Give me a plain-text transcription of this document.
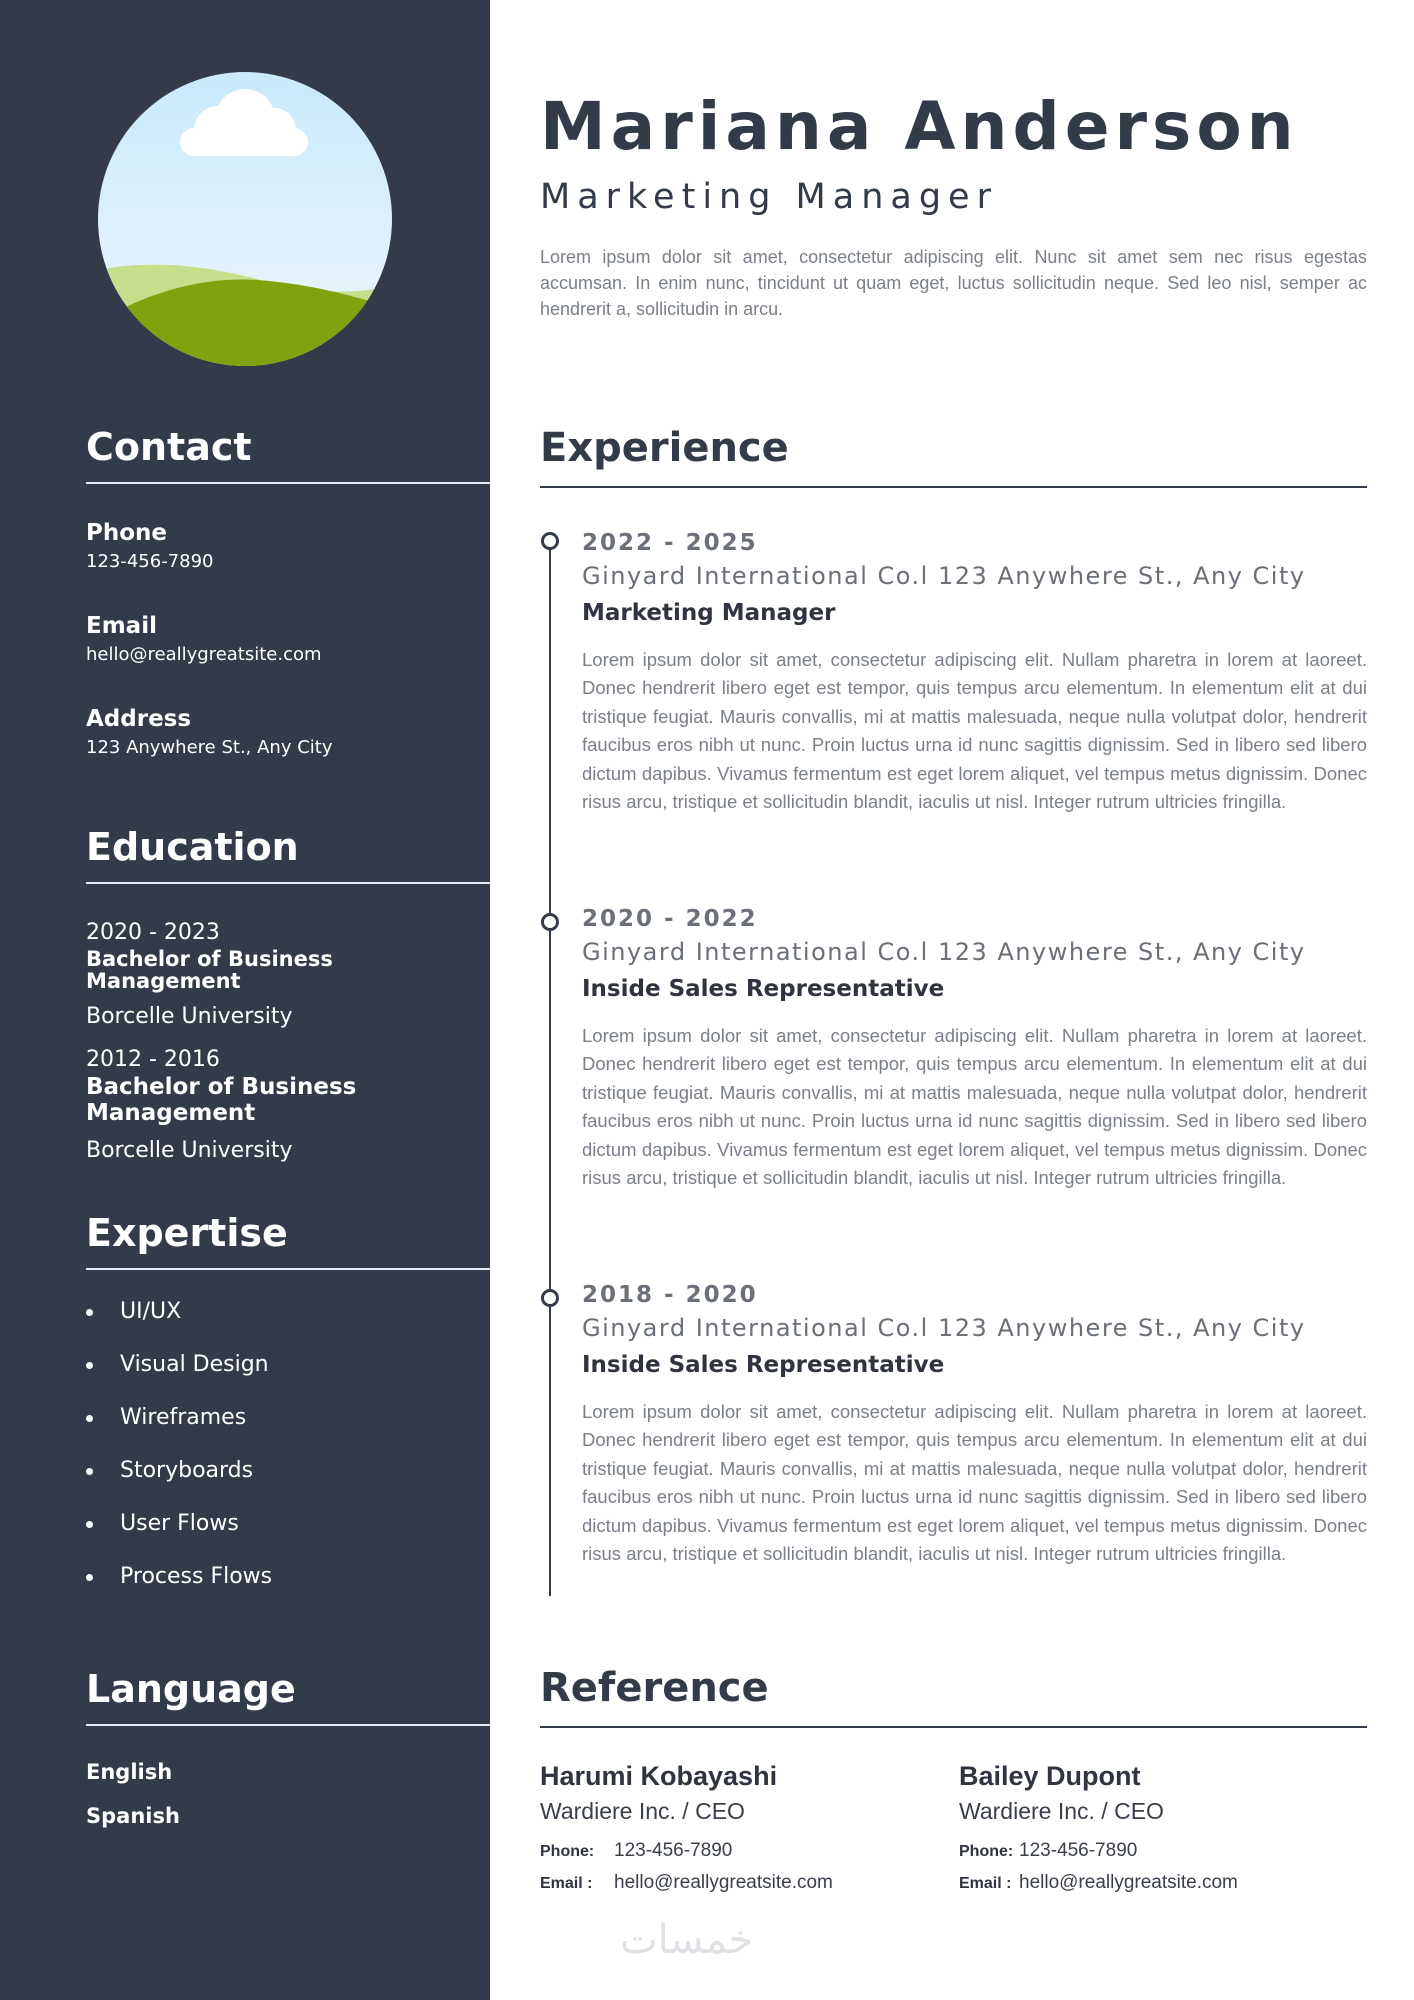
Contact
Phone
123-456-7890
Email
hello@reallygreatsite.com
Address
123 Anywhere St., Any City
Education
2020 - 2023
Bachelor of Business Management
Borcelle University
2012 - 2016
Bachelor of Business Management
Borcelle University
Expertise
UI/UX
Visual Design
Wireframes
Storyboards
User Flows
Process Flows
Language
English
Spanish
Mariana Anderson
Marketing Manager

Lorem ipsum dolor sit amet, consectetur adipiscing elit. Nunc sit amet sem nec risus egestas accumsan. In enim nunc, tincidunt ut quam eget, luctus sollicitudin neque. Sed leo nisl, semper ac hendrerit a, sollicitudin in arcu.

Experience
2022 - 2025
Ginyard International Co.l 123 Anywhere St., Any City
Marketing Manager

Lorem ipsum dolor sit amet, consectetur adipiscing elit. Nullam pharetra in lorem at laoreet. Donec hendrerit libero eget est tempor, quis tempus arcu elementum. In elementum elit at dui tristique feugiat. Mauris convallis, mi at mattis malesuada, neque nulla volutpat dolor, hendrerit faucibus eros nibh ut nunc. Proin luctus urna id nunc sagittis dignissim. Sed in libero sed libero dictum dapibus. Vivamus fermentum est eget lorem aliquet, vel tempus metus dignissim. Donec risus arcu, tristique et sollicitudin blandit, iaculis ut nisl. Integer rutrum ultricies fringilla.

2020 - 2022
Ginyard International Co.l 123 Anywhere St., Any City
Inside Sales Representative

Lorem ipsum dolor sit amet, consectetur adipiscing elit. Nullam pharetra in lorem at laoreet. Donec hendrerit libero eget est tempor, quis tempus arcu elementum. In elementum elit at dui tristique feugiat. Mauris convallis, mi at mattis malesuada, neque nulla volutpat dolor, hendrerit faucibus eros nibh ut nunc. Proin luctus urna id nunc sagittis dignissim. Sed in libero sed libero dictum dapibus. Vivamus fermentum est eget lorem aliquet, vel tempus metus dignissim. Donec risus arcu, tristique et sollicitudin blandit, iaculis ut nisl. Integer rutrum ultricies fringilla.

2018 - 2020
Ginyard International Co.l 123 Anywhere St., Any City
Inside Sales Representative

Lorem ipsum dolor sit amet, consectetur adipiscing elit. Nullam pharetra in lorem at laoreet. Donec hendrerit libero eget est tempor, quis tempus arcu elementum. In elementum elit at dui tristique feugiat. Mauris convallis, mi at mattis malesuada, neque nulla volutpat dolor, hendrerit faucibus eros nibh ut nunc. Proin luctus urna id nunc sagittis dignissim. Sed in libero sed libero dictum dapibus. Vivamus fermentum est eget lorem aliquet, vel tempus metus dignissim. Donec risus arcu, tristique et sollicitudin blandit, iaculis ut nisl. Integer rutrum ultricies fringilla.

Reference
Harumi Kobayashi
Wardiere Inc. / CEO
Phone:	123-456-7890
Email :	hello@reallygreatsite.com
Bailey Dupont
Wardiere Inc. / CEO
Phone: 123-456-7890
Email : hello@reallygreatsite.com
خمسات
